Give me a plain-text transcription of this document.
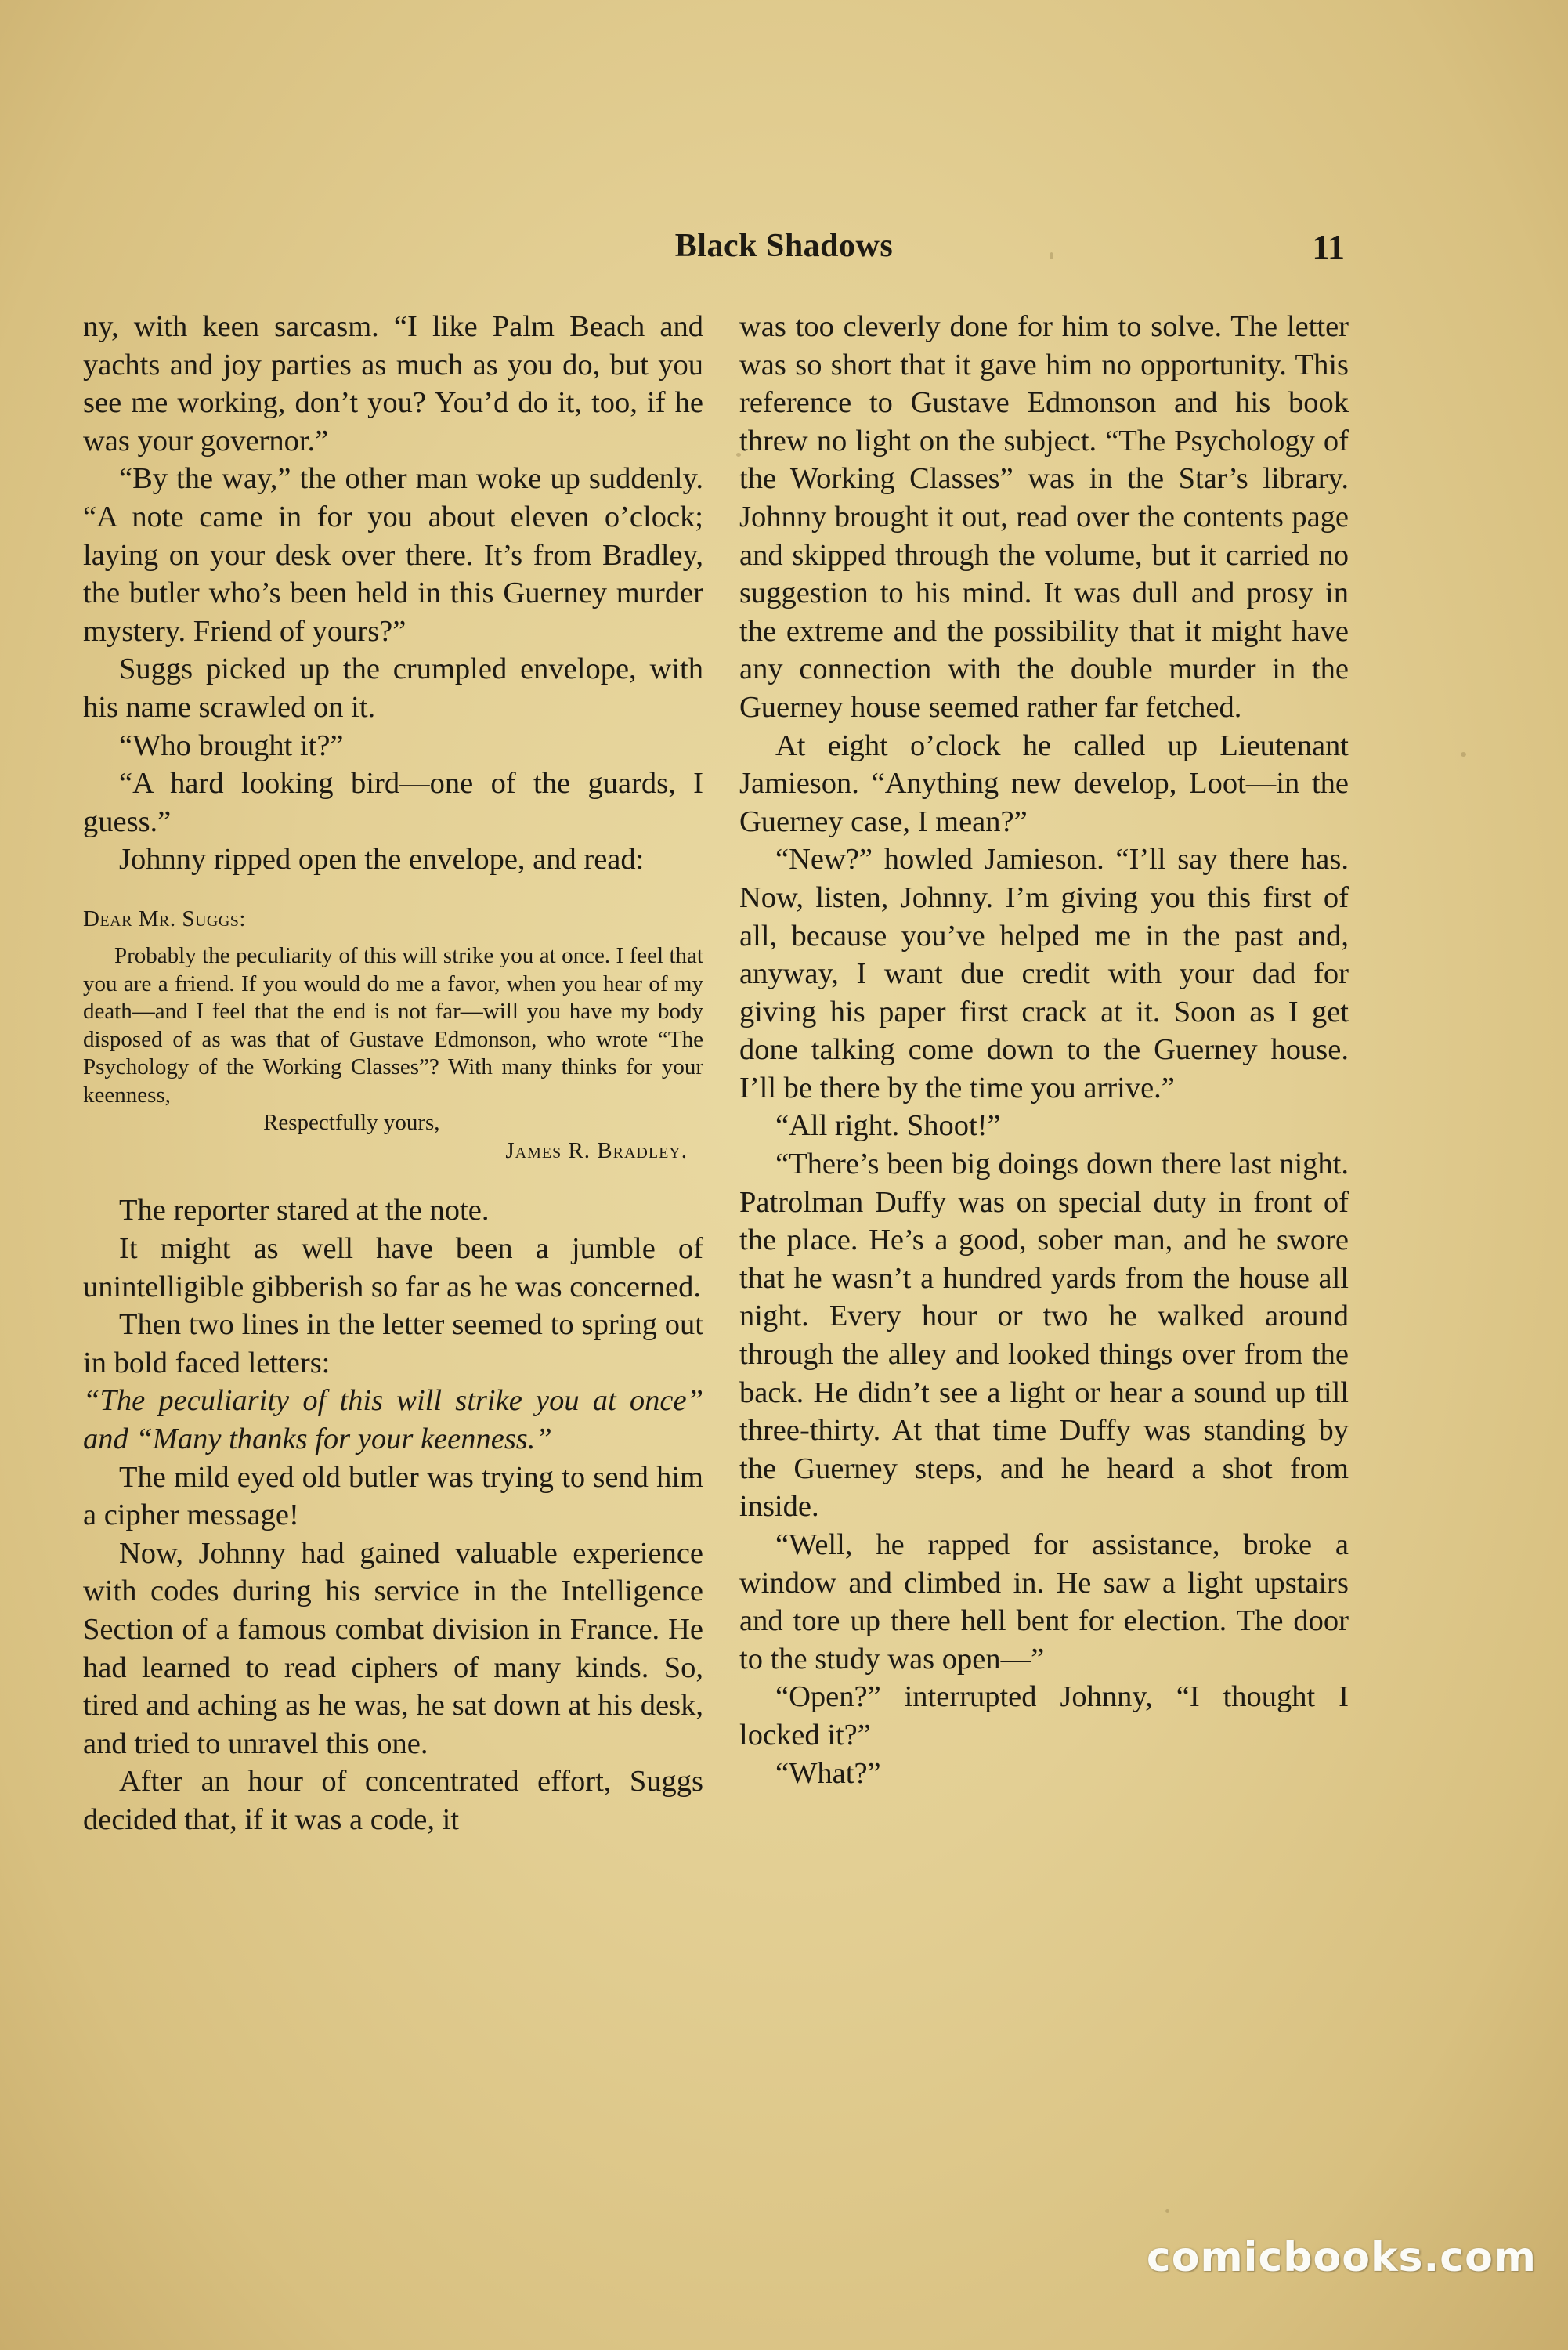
Black Shadows	11

ny, with keen sarcasm. “I like Palm Beach and yachts and joy parties as much as you do, but you see me working, don’t you? You’d do it, too, if he was your governor.”

“By the way,” the other man woke up suddenly. “A note came in for you about eleven o’clock; laying on your desk over there. It’s from Bradley, the butler who’s been held in this Guerney murder mystery. Friend of yours?”

Suggs picked up the crumpled envelope, with his name scrawled on it.

“Who brought it?”

“A hard looking bird—one of the guards, I guess.”

Johnny ripped open the envelope, and read:

Dear Mr. Suggs:

Probably the peculiarity of this will strike you at once. I feel that you are a friend. If you would do me a favor, when you hear of my death—and I feel that the end is not far—will you have my body disposed of as was that of Gustave Edmonson, who wrote “The Psychology of the Working Classes”? With many thinks for your keenness,

Respectfully yours,

James R. Bradley.

The reporter stared at the note.

It might as well have been a jumble of unintelligible gibberish so far as he was concerned.

Then two lines in the letter seemed to spring out in bold faced letters:

“The peculiarity of this will strike you at once” and “Many thanks for your keenness.”

The mild eyed old butler was trying to send him a cipher message!

Now, Johnny had gained valuable experience with codes during his service in the Intelligence Section of a famous combat division in France. He had learned to read ciphers of many kinds. So, tired and aching as he was, he sat down at his desk, and tried to unravel this one.

After an hour of concentrated effort, Suggs decided that, if it was a code, it

was too cleverly done for him to solve. The letter was so short that it gave him no opportunity. This reference to Gustave Edmonson and his book threw no light on the subject. “The Psychology of the Working Classes” was in the Star’s library. Johnny brought it out, read over the contents page and skipped through the volume, but it carried no suggestion to his mind. It was dull and prosy in the extreme and the possibility that it might have any connection with the double murder in the Guerney house seemed rather far fetched.

At eight o’clock he called up Lieutenant Jamieson. “Anything new develop, Loot—in the Guerney case, I mean?”

“New?” howled Jamieson. “I’ll say there has. Now, listen, Johnny. I’m giving you this first of all, because you’ve helped me in the past and, anyway, I want due credit with your dad for giving his paper first crack at it. Soon as I get done talking come down to the Guerney house. I’ll be there by the time you arrive.”

“All right. Shoot!”

“There’s been big doings down there last night. Patrolman Duffy was on special duty in front of the place. He’s a good, sober man, and he swore that he wasn’t a hundred yards from the house all night. Every hour or two he walked around through the alley and looked things over from the back. He didn’t see a light or hear a sound up till three-thirty. At that time Duffy was standing by the Guerney steps, and he heard a shot from inside.

“Well, he rapped for assistance, broke a window and climbed in. He saw a light upstairs and tore up there hell bent for election. The door to the study was open—”

“Open?” interrupted Johnny, “I thought I locked it?”

“What?”

comicbooks.com
